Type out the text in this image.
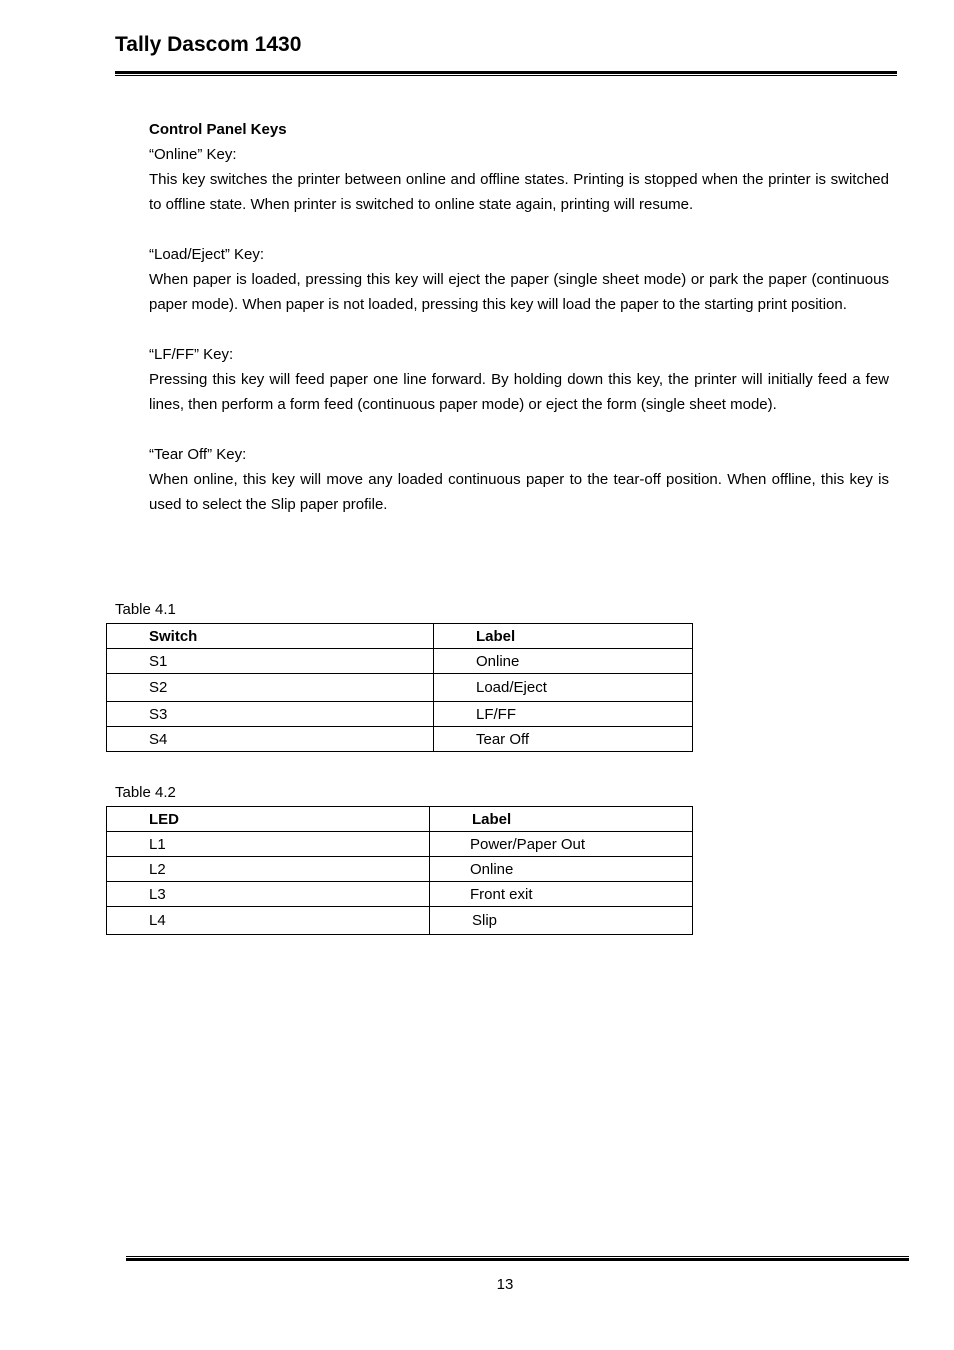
Tally Dascom 1430

Control Panel Keys

“Online” Key:

This key switches the printer between online and offline states. Printing is stopped when the printer is switched to offline state. When printer is switched to online state again, printing will resume.

“Load/Eject” Key:

When paper is loaded, pressing this key will eject the paper (single sheet mode) or park the paper (continuous paper mode). When paper is not loaded, pressing this key will load the paper to the starting print position.

“LF/FF” Key:

Pressing this key will feed paper one line forward. By holding down this key, the printer will initially feed a few lines, then perform a form feed (continuous paper mode) or eject the form (single sheet mode).

“Tear Off” Key:

When online, this key will move any loaded continuous paper to the tear-off position. When offline, this key is used to select the Slip paper profile.

Table 4.1
Switch	Label
S1	Online
S2	Load/Eject
S3	LF/FF
S4	Tear Off
Table 4.2
LED	Label
L1	Power/Paper Out
L2	Online
L3	Front exit
L4	Slip
13
